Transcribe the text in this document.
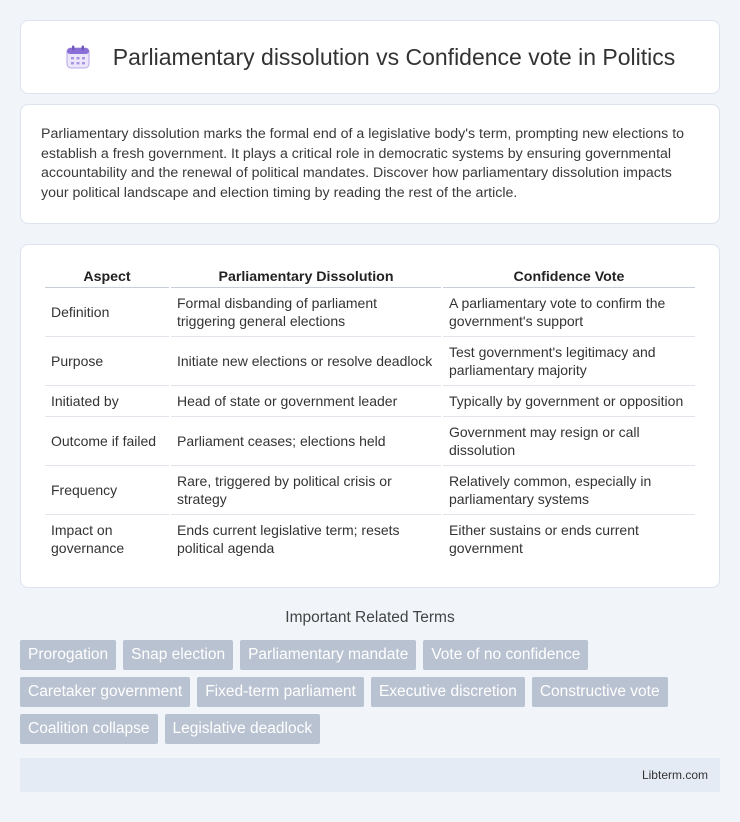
Parliamentary dissolution vs Confidence vote in Politics

Parliamentary dissolution marks the formal end of a legislative body's term, prompting new elections to establish a fresh government. It plays a critical role in democratic systems by ensuring governmental accountability and the renewal of political mandates. Discover how parliamentary dissolution impacts your political landscape and election timing by reading the rest of the article.

Aspect	Parliamentary Dissolution	Confidence Vote
Definition	Formal disbanding of parliament triggering general elections	A parliamentary vote to confirm the government's support
Purpose	Initiate new elections or resolve deadlock	Test government's legitimacy and parliamentary majority
Initiated by	Head of state or government leader	Typically by government or opposition
Outcome if failed	Parliament ceases; elections held	Government may resign or call dissolution
Frequency	Rare, triggered by political crisis or strategy	Relatively common, especially in parliamentary systems
Impact on governance	Ends current legislative term; resets political agenda	Either sustains or ends current government
Important Related Terms
Prorogation	Snap election	Parliamentary mandate	Vote of no confidence
Caretaker government	Fixed-term parliament	Executive discretion	Constructive vote
Coalition collapse	Legislative deadlock
Libterm.com
